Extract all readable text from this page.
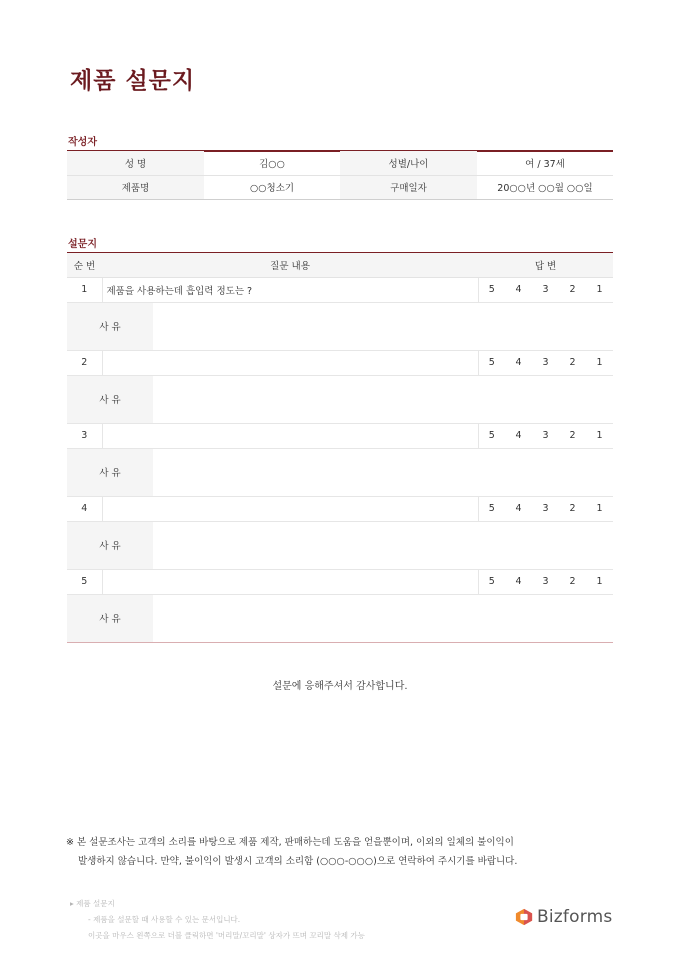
제품 설문지
작성자
성 명	김○○	성별/나이	여 / 37세
제품명	○○청소기	구매일자	20○○년 ○○월 ○○일
설문지
순 번	질문 내용		답 변				
1	제품을 사용하는데 흡입력 정도는 ?		5	4	3	2	1
사 유							
2			5	4	3	2	1
사 유							
3			5	4	3	2	1
사 유							
4			5	4	3	2	1
사 유							
5			5	4	3	2	1
사 유							
설문에 응해주셔서 감사합니다.
※ 본 설문조사는 고객의 소리를 바탕으로 제품 제작, 판매하는데 도움을 얻을뿐이며, 이외의 일체의 불이익이
발생하지 않습니다. 만약, 불이익이 발생시 고객의 소리함 (○○○-○○○)으로 연락하여 주시기를 바랍니다.
▸ 제품 설문지
- 제품을 설문할 때 사용할 수 있는 문서입니다.
이곳을 마우스 왼쪽으로 더블 클릭하면 '머리말/꼬리말' 상자가 뜨며 꼬리말 삭제 가능
Bizforms
